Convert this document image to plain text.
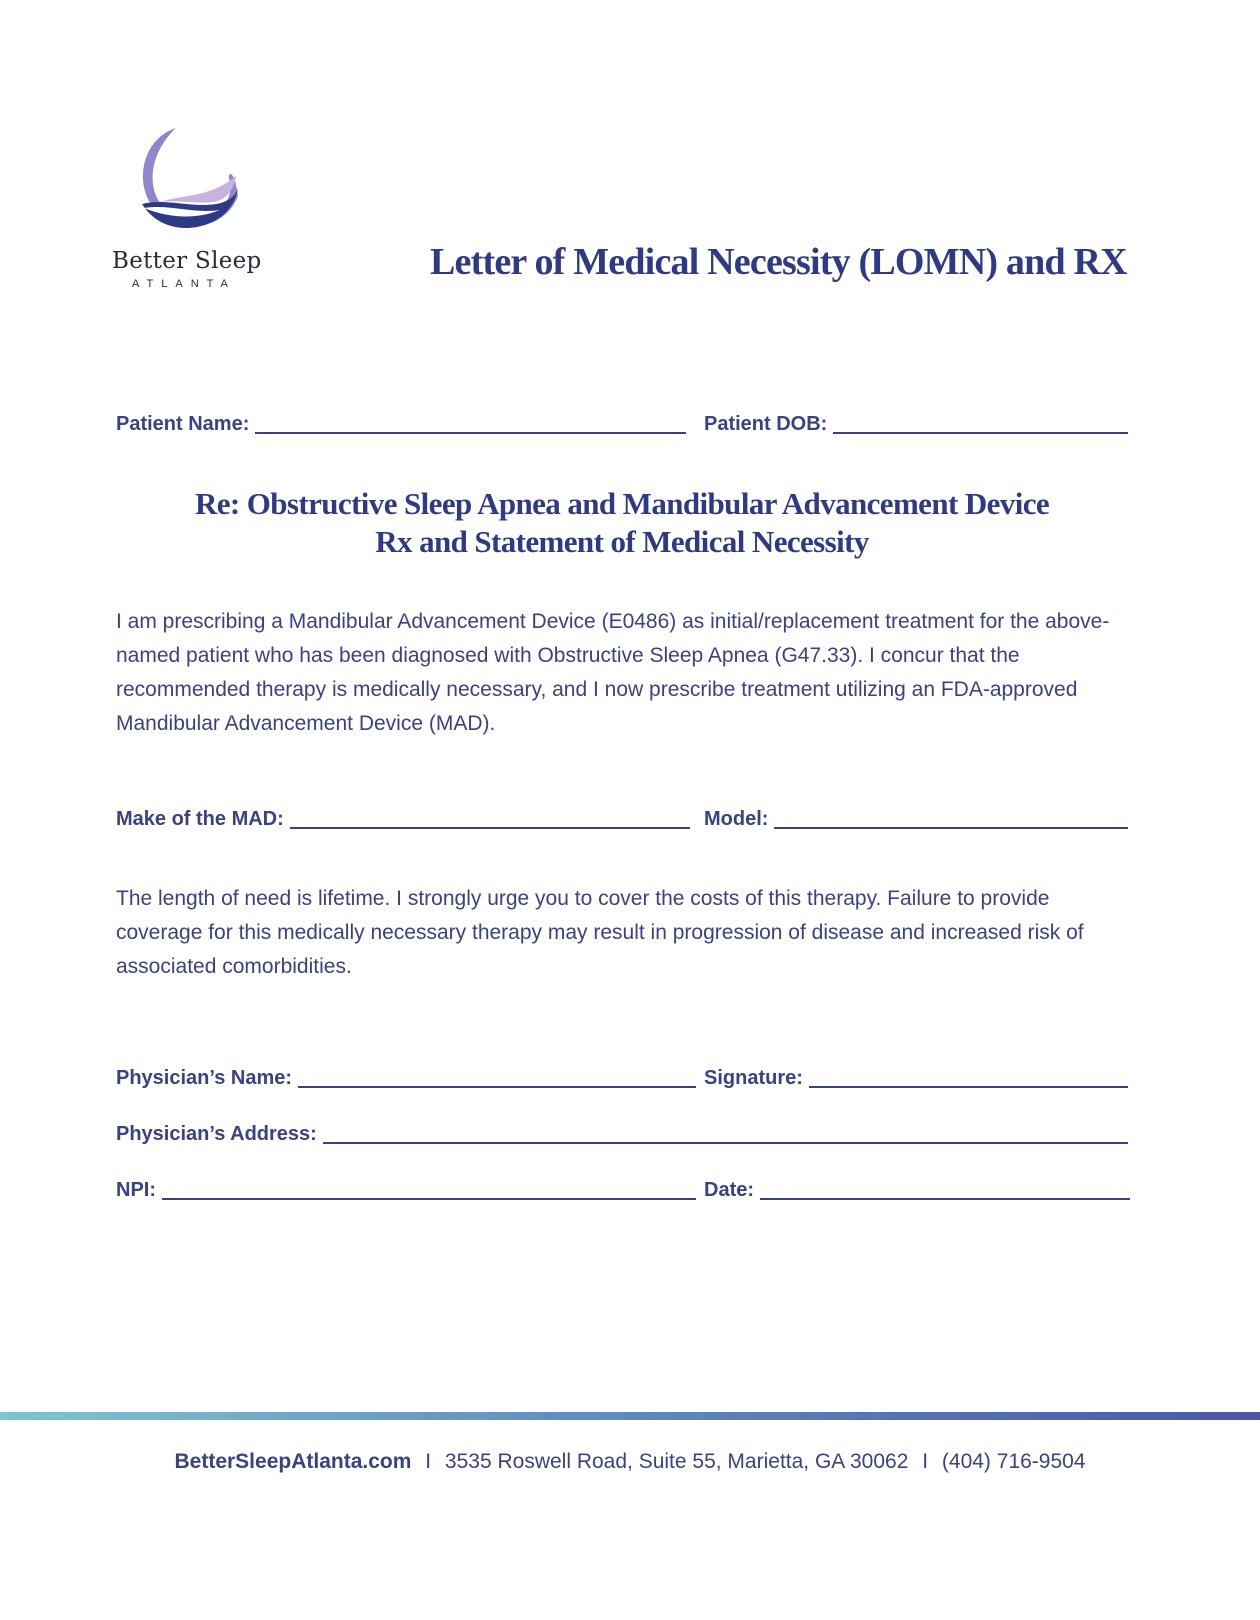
Better Sleep
ATLANTA
Letter of Medical Necessity (LOMN) and RX
Patient Name:	Patient DOB:
Re: Obstructive Sleep Apnea and Mandibular Advancement Device
Rx and Statement of Medical Necessity

I am prescribing a Mandibular Advancement Device (E0486) as initial/replacement treatment for the above-named patient who has been diagnosed with Obstructive Sleep Apnea (G47.33). I concur that the recommended therapy is medically necessary, and I now prescribe treatment utilizing an FDA-approved Mandibular Advancement Device (MAD).

Make of the MAD:	Model:

The length of need is lifetime. I strongly urge you to cover the costs of this therapy. Failure to provide coverage for this medically necessary therapy may result in progression of disease and increased risk of associated comorbidities.

Physician’s Name:	Signature:
Physician’s Address:
NPI:	Date:
BetterSleepAtlanta.com I 3535 Roswell Road, Suite 55, Marietta, GA 30062 I (404) 716-9504
